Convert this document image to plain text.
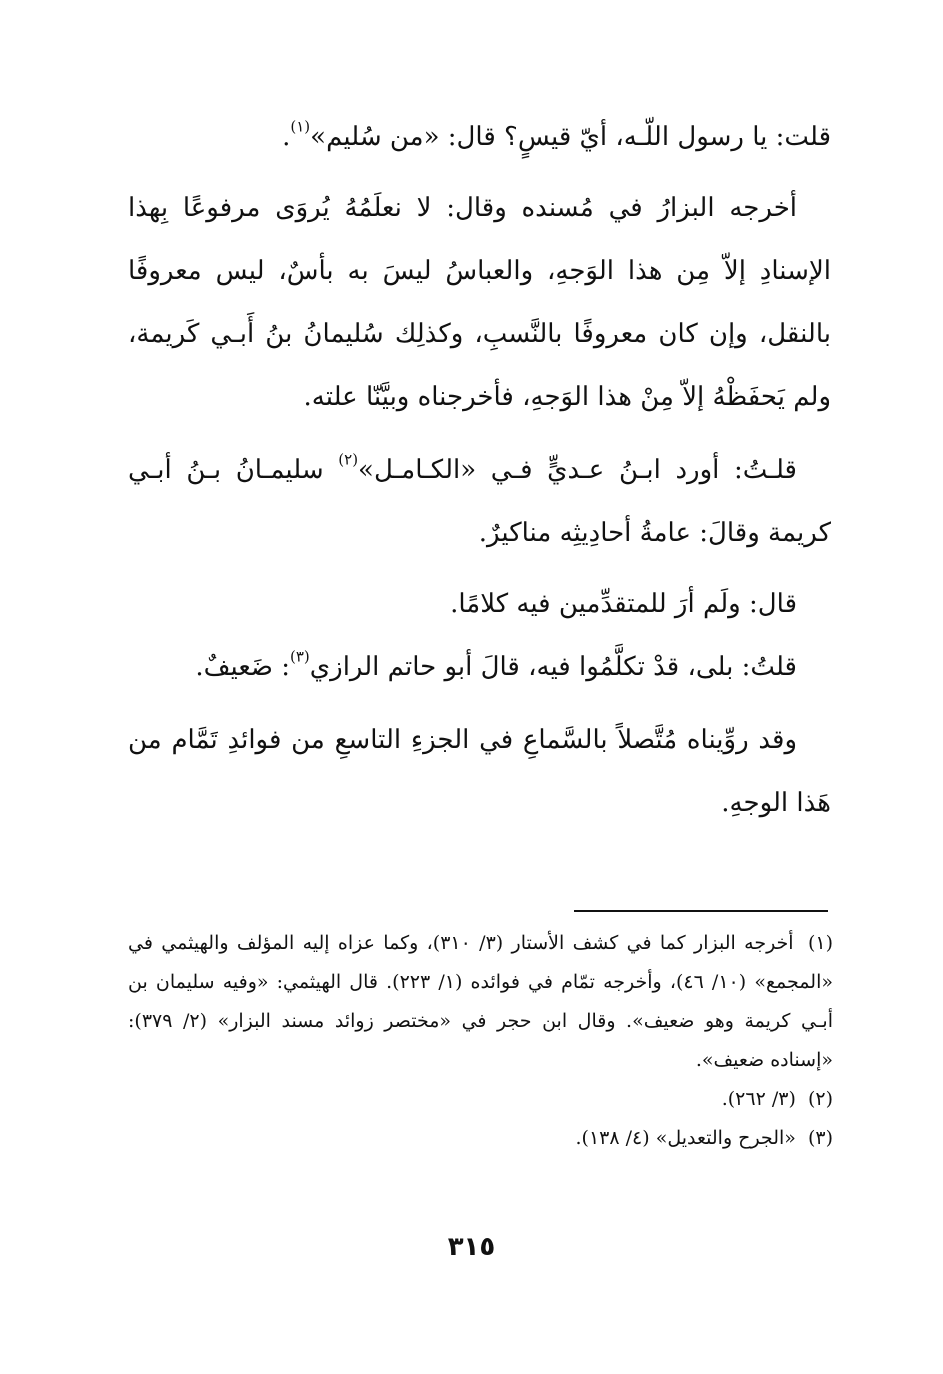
قلت: يا رسول اللّـه، أيّ قيسٍ؟ قال: «من سُليم»$^{(١)}$.

أخرجه البزارُ في مُسنده وقال: لا نعلَمُهُ يُروَى مرفوعًا بِهذا الإسنادِ إلاّ مِن هذا الوَجهِ، والعباسُ ليسَ به بأسٌ، ليس معروفًا بالنقل، وإن كان معروفًا بالنَّسبِ، وكذلِك سُليمانُ بنُ أَبـي كَريمة، ولم يَحفَظْهُ إلاّ مِنْ هذا الوَجهِ، فأخرجناه وبيَّنّا علته.

قلـتُ: أورد ابـنُ عـديٍّ فـي «الكـامـل»$^{(٢)}$ سليمـانُ بـنُ أبـي كريمة وقالَ: عامةُ أحادِيثِه مناكيرٌ.

قال: ولَم أرَ للمتقدِّمين فيه كلامًا.

قلتُ: بلى، قدْ تكلَّمُوا فيه، قالَ أبو حاتم الرازي$^{(٣)}$: ضَعيفٌ.

وقد روِّيناه مُتَّصلاً بالسَّماعِ في الجزءِ التاسعِ من فوائدِ تَمَّام من هَذا الوجهِ.

(١) أخرجه البزار كما في كشف الأستار (٣/ ٣١٠)، وكما عزاه إليه المؤلف والهيثمي في «المجمع» (١٠/ ٤٦)، وأخرجه تمّام في فوائده (١/ ٢٢٣). قال الهيثمي: «وفيه سليمان بن أبـي كريمة وهو ضعيف». وقال ابن حجر في «مختصر زوائد مسند البزار» (٢/ ٣٧٩): «إسناده ضعيف».

(٢) (٣/ ٢٦٢).

(٣) «الجرح والتعديل» (٤/ ١٣٨).

٣١٥
